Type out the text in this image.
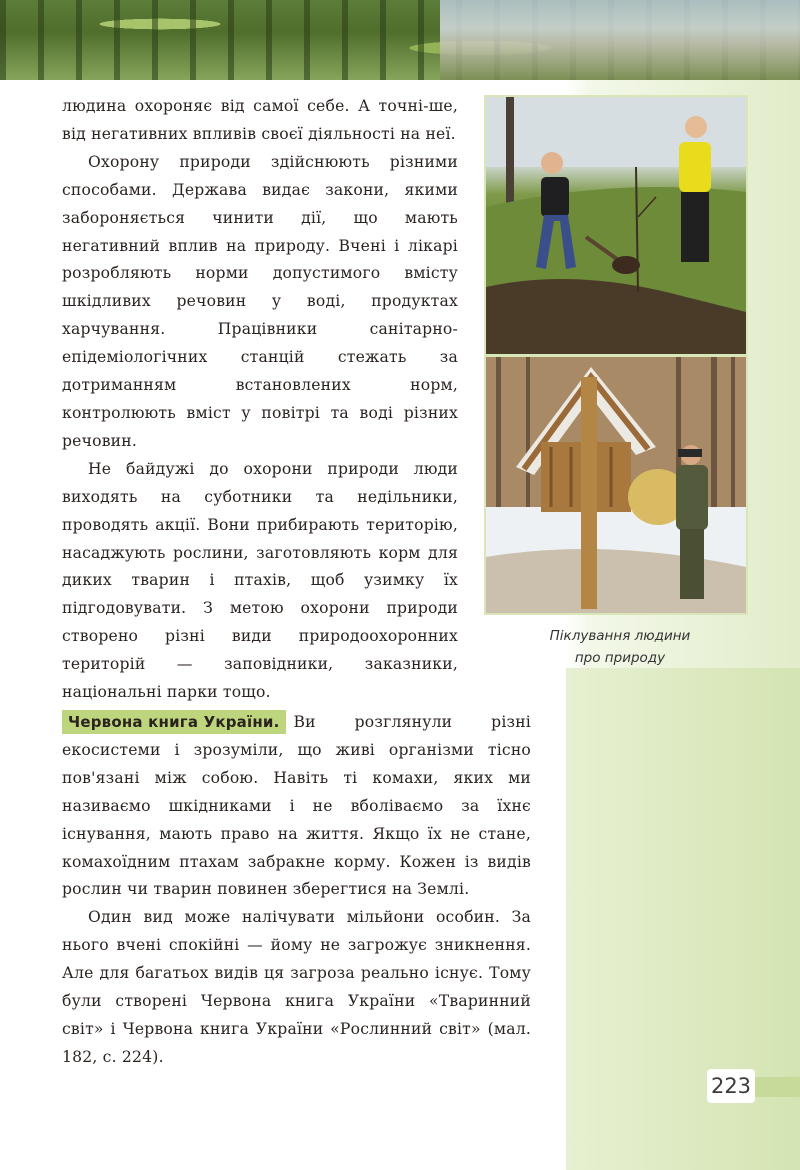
людина охороняє від самої себе. А точні-ше, від негативних впливів своєї діяльності на неї.

Охорону природи здійснюють різними способами. Держава видає закони, якими забороняється чинити дії, що мають негативний вплив на природу. Вчені і лікарі розробляють норми допустимого вмісту шкідливих речовин у воді, продуктах харчування. Працівники санітарно-епідеміологічних станцій стежать за дотриманням встановлених норм, контролюють вміст у повітрі та воді різних речовин.

Не байдужі до охорони природи люди виходять на суботники та недільники, проводять акції. Вони прибирають територію, насаджують рослини, заготовляють корм для диких тварин і птахів, щоб узимку їх підгодовувати. З метою охорони природи створено різні види природоохоронних територій — заповідники, заказники, національні парки тощо.

Червона книга України. Ви розглянули різні екосистеми і зрозуміли, що живі організми тісно пов'язані між собою. Навіть ті комахи, яких ми називаємо шкідниками і не вболіваємо за їхнє існування, мають право на життя. Якщо їх не стане, комахоїдним птахам забракне корму. Кожен із видів рослин чи тварин повинен зберегтися на Землі.

Один вид може налічувати мільйони особин. За нього вчені спокійні — йому не загрожує зникнення. Але для багатьох видів ця загроза реально існує. Тому були створені Червона книга України «Тваринний світ» і Червона книга України «Рослинний світ» (мал. 182, с. 224).

Піклування людини
про природу
223
